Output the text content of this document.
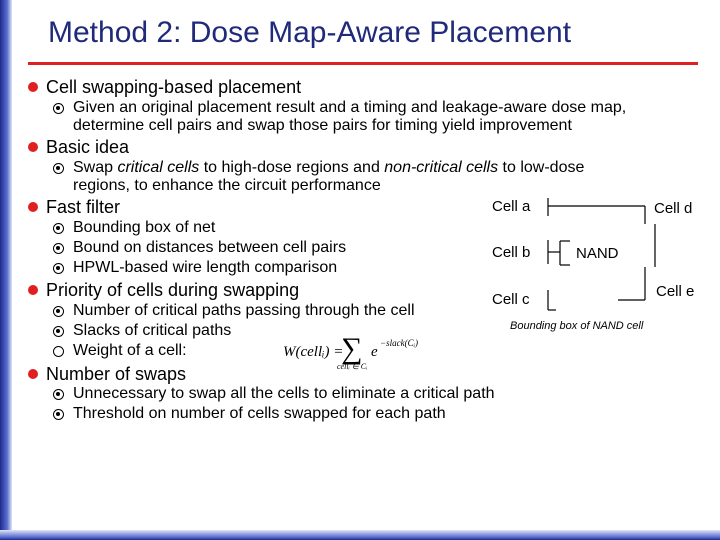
Method 2: Dose Map-Aware Placement
Cell swapping-based placement
Given an original placement result and a timing and leakage-aware dose map,
determine cell pairs and swap those pairs for timing yield improvement
Basic idea
Swap critical cells to high-dose regions and non-critical cells to low-dose
regions, to enhance the circuit performance
Fast filter
Bounding box of net
Bound on distances between cell pairs
HPWL-based wire length comparison
Priority of cells during swapping
Number of critical paths passing through the cell
Slacks of critical paths
Weight of a cell:	W(cellᵢ) =
∑
cellᵢ ∈ Cᵢ
e
−slack(Cᵢ)
Number of swaps
Unnecessary to swap all the cells to eliminate a critical path
Threshold on number of cells swapped for each path
Cell a	Cell d
Cell b	NAND
Cell e
Cell c
Bounding box of NAND cell
